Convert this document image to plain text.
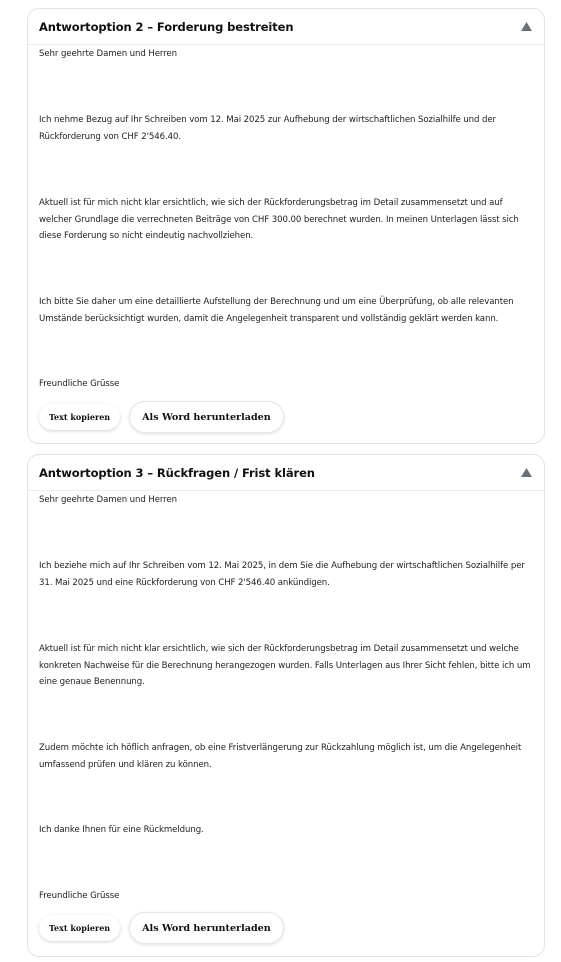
Antwortoption 2 – Forderung bestreiten

Sehr geehrte Damen und Herren

Ich nehme Bezug auf Ihr Schreiben vom 12. Mai 2025 zur Aufhebung der wirtschaftlichen Sozialhilfe und der Rückforderung von CHF 2'546.40.

Aktuell ist für mich nicht klar ersichtlich, wie sich der Rückforderungsbetrag im Detail zusammensetzt und auf welcher Grundlage die verrechneten Beiträge von CHF 300.00 berechnet wurden. In meinen Unterlagen lässt sich diese Forderung so nicht eindeutig nachvollziehen.

Ich bitte Sie daher um eine detaillierte Aufstellung der Berechnung und um eine Überprüfung, ob alle relevanten Umstände berücksichtigt wurden, damit die Angelegenheit transparent und vollständig geklärt werden kann.

Freundliche Grüsse

Text kopieren	Als Word herunterladen
Antwortoption 3 – Rückfragen / Frist klären

Sehr geehrte Damen und Herren

Ich beziehe mich auf Ihr Schreiben vom 12. Mai 2025, in dem Sie die Aufhebung der wirtschaftlichen Sozialhilfe per 31. Mai 2025 und eine Rückforderung von CHF 2'546.40 ankündigen.

Aktuell ist für mich nicht klar ersichtlich, wie sich der Rückforderungsbetrag im Detail zusammensetzt und welche konkreten Nachweise für die Berechnung herangezogen wurden. Falls Unterlagen aus Ihrer Sicht fehlen, bitte ich um eine genaue Benennung.

Zudem möchte ich höflich anfragen, ob eine Fristverlängerung zur Rückzahlung möglich ist, um die Angelegenheit umfassend prüfen und klären zu können.

Ich danke Ihnen für eine Rückmeldung.

Freundliche Grüsse

Text kopieren	Als Word herunterladen
